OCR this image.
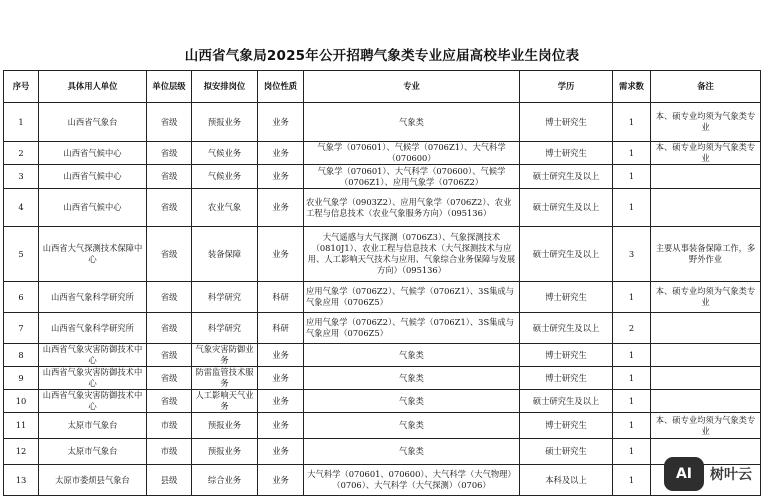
山西省气象局2025年公开招聘气象类专业应届高校毕业生岗位表
序号	具体用人单位	单位层级	拟安排岗位	岗位性质	专业	学历	需求数	备注
1	山西省气象台	省级	预报业务	业务	气象类	博士研究生	1	本、硕专业均须为气象类专业
2	山西省气候中心	省级	气候业务	业务	气象学（070601）、气候学（0706Z1）、大气科学（070600）	博士研究生	1	本、硕专业均须为气象类专业
3	山西省气候中心	省级	气候业务	业务	气象学（070601）、大气科学（070600）、气候学（0706Z1）、应用气象学（0706Z2）	硕士研究生及以上	1	
4	山西省气候中心	省级	农业气象	业务	农业气象学（0903Z2）、应用气象学（0706Z2）、农业工程与信息技术（农业气象服务方向）（095136）	硕士研究生及以上	1	
5	山西省大气探测技术保障中心	省级	装备保障	业务	大气遥感与大气探测（0706Z3）、气象探测技术（0810J1）、农业工程与信息技术（大气探测技术与应用、人工影响天气技术与应用、气象综合业务保障与发展方向）（095136）	硕士研究生及以上	3	主要从事装备保障工作，多野外作业
6	山西省气象科学研究所	省级	科学研究	科研	应用气象学（0706Z2）、气候学（0706Z1）、3S集成与气象应用（0706Z5）	博士研究生	1	本、硕专业均须为气象类专业
7	山西省气象科学研究所	省级	科学研究	科研	应用气象学（0706Z2）、气候学（0706Z1）、3S集成与气象应用（0706Z5）	硕士研究生及以上	2	
8	山西省气象灾害防御技术中心	省级	气象灾害防御业务	业务	气象类	博士研究生	1	
9	山西省气象灾害防御技术中心	省级	防雷监管技术服务	业务	气象类	博士研究生	1	
10	山西省气象灾害防御技术中心	省级	人工影响天气业务	业务	气象类	硕士研究生及以上	1	
11	太原市气象台	市级	预报业务	业务	气象类	博士研究生	1	本、硕专业均须为气象类专业
12	太原市气象台	市级	预报业务	业务	气象类	硕士研究生	1	
13	太原市娄烦县气象台	县级	综合业务	业务	大气科学（070601、070600）、大气科学（大气物理）（0706）、大气科学（大气探测）（0706）	本科及以上	1		AI	树叶云
